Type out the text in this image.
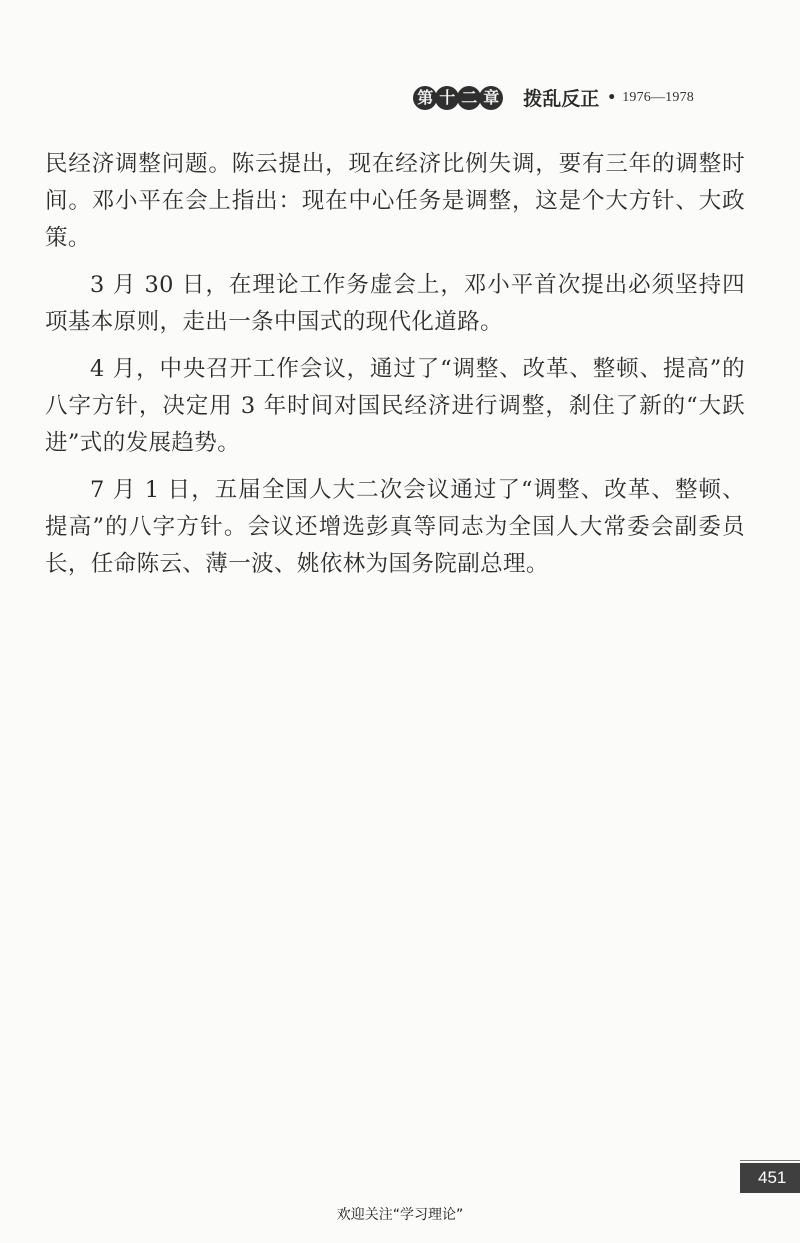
第 十 二 章 拨乱反正 • 1976—1978

民经济调整问题。陈云提出，现在经济比例失调，要有三年的调整时间。邓小平在会上指出：现在中心任务是调整，这是个大方针、大政策。

3 月 30 日，在理论工作务虚会上，邓小平首次提出必须坚持四项基本原则，走出一条中国式的现代化道路。

4 月，中央召开工作会议，通过了“调整、改革、整顿、提高”的八字方针，决定用 3 年时间对国民经济进行调整，刹住了新的“大跃进”式的发展趋势。

7 月 1 日，五届全国人大二次会议通过了“调整、改革、整顿、提高”的八字方针。会议还增选彭真等同志为全国人大常委会副委员长，任命陈云、薄一波、姚依林为国务院副总理。

451
欢迎关注“学习理论”
